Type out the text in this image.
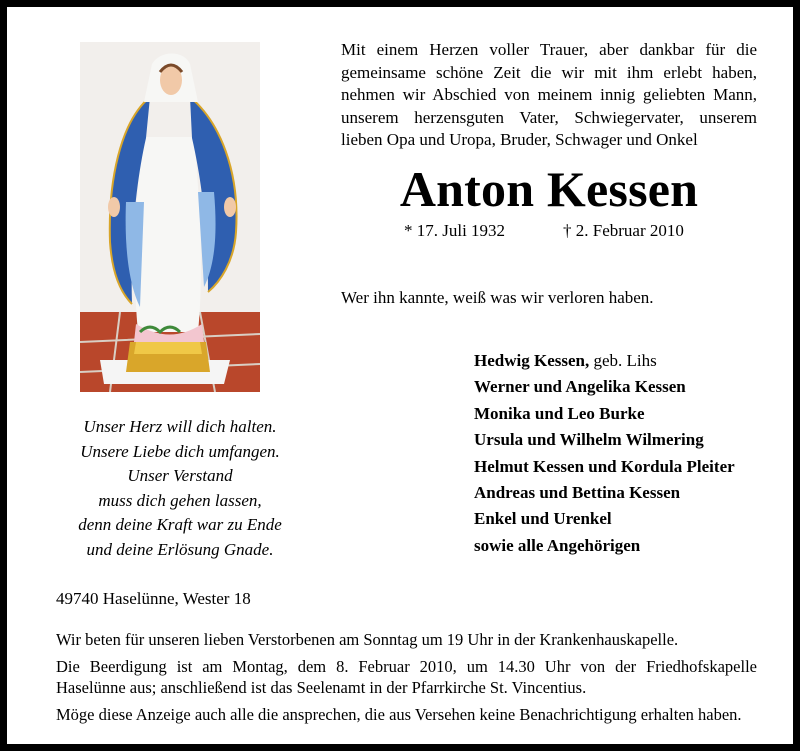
Unser Herz will dich halten.
Unsere Liebe dich umfangen.
Unser Verstand
muss dich gehen lassen,
denn deine Kraft war zu Ende
und deine Erlösung Gnade.
Mit einem Herzen voller Trauer, aber dankbar für die
gemeinsame schöne Zeit die wir mit ihm erlebt haben,
nehmen wir Abschied von meinem innig geliebten Mann,
unserem herzensguten Vater, Schwiegervater, unserem
lieben Opa und Uropa, Bruder, Schwager und Onkel
Anton Kessen
* 17. Juli 1932	† 2. Februar 2010
Wer ihn kannte, weiß was wir verloren haben.
Hedwig Kessen, geb. Lihs
Werner und Angelika Kessen
Monika und Leo Burke
Ursula und Wilhelm Wilmering
Helmut Kessen und Kordula Pleiter
Andreas und Bettina Kessen
Enkel und Urenkel
sowie alle Angehörigen
49740 Haselünne, Wester 18
Wir beten für unseren lieben Verstorbenen am Sonntag um 19 Uhr in der Krankenhauskapelle.
Die Beerdigung ist am Montag, dem 8. Februar 2010, um 14.30 Uhr von der Friedhofskapelle
Haselünne aus; anschließend ist das Seelenamt in der Pfarrkirche St. Vincentius.
Möge diese Anzeige auch alle die ansprechen, die aus Versehen keine Benachrichtigung erhalten haben.
